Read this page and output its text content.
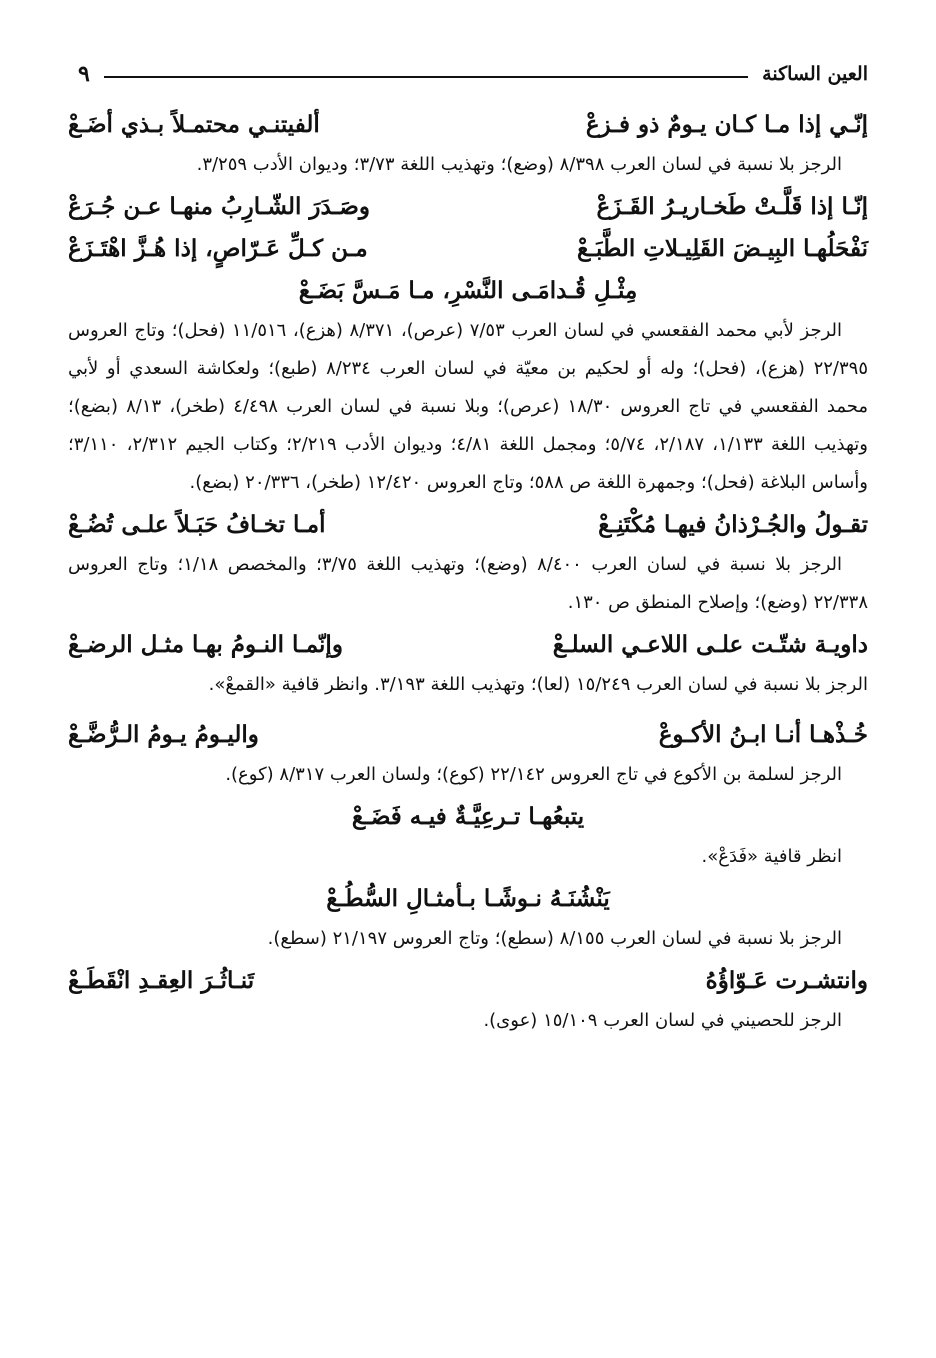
العين الساكنة
٩
إنّـي إذا مـا كـان يـومٌ ذو فـزعْ
ألفيتنـي محتمـلاً بـذي أضَـعْ
الرجز بلا نسبة في لسان العرب ٨/٣٩٨ (وضع)؛ وتهذيب اللغة ٣/٧٣؛ وديوان الأدب ٣/٢٥٩.
إنّـا إذا قَلَّـتْ طَخـاريـرُ القَـزَعْ
وصَـدَرَ الشّـارِبُ منهـا عـن جُـرَعْ
نَفْحَلُهـا البِيـضَ القَلِيـلاتِ الطَّبَـعْ
مـن كـلِّ عَـرّاصٍ، إذا هُـزَّ اهْتَـزَعْ
مِثْـلِ قُـدامَـى النَّسْرِ، مـا مَـسَّ بَضَـعْ
الرجز لأبي محمد الفقعسي في لسان العرب ٧/٥٣ (عرص)، ٨/٣٧١ (هزع)، ١١/٥١٦ (فحل)؛ وتاج العروس ٢٢/٣٩٥ (هزع)، (فحل)؛ وله أو لحكيم بن معيّة في لسان العرب ٨/٢٣٤ (طبع)؛ ولعكاشة السعدي أو لأبي محمد الفقعسي في تاج العروس ١٨/٣٠ (عرص)؛ وبلا نسبة في لسان العرب ٤/٤٩٨ (طخر)، ٨/١٣ (بضع)؛ وتهذيب اللغة ١/١٣٣، ٢/١٨٧، ٥/٧٤؛ ومجمل اللغة ٤/٨١؛ وديوان الأدب ٢/٢١٩؛ وكتاب الجيم ٢/٣١٢، ٣/١١٠؛ وأساس البلاغة (فحل)؛ وجمهرة اللغة ص ٥٨٨؛ وتاج العروس ١٢/٤٢٠ (طخر)، ٢٠/٣٣٦ (بضع).
تقـولُ والجُـرْذانُ فيهـا مُكْتَنِـعْ
أمـا تخـافُ حَبَـلاً علـى تُضُـعْ
الرجز بلا نسبة في لسان العرب ٨/٤٠٠ (وضع)؛ وتهذيب اللغة ٣/٧٥؛ والمخصص ١/١٨؛ وتاج العروس ٢٢/٣٣٨ (وضع)؛ وإصلاح المنطق ص ١٣٠.
داويـة شتّـت علـى اللاعـي السلـعْ
وإنّمـا النـومُ بهـا مثـل الرضـعْ
الرجز بلا نسبة في لسان العرب ١٥/٢٤٩ (لعا)؛ وتهذيب اللغة ٣/١٩٣. وانظر قافية «القمعْ».
خُـذْهـا أنـا ابـنُ الأكـوعْ
واليـومُ يـومُ الـرُّضَّـعْ
الرجز لسلمة بن الأكوع في تاج العروس ٢٢/١٤٢ (كوع)؛ ولسان العرب ٨/٣١٧ (كوع).
يتبعُهـا تـرعِيَّـةٌ فيـه فَضَـعْ
انظر قافية «فَدَعْ».
يَنْشُنَـهُ نـوشًـا بـأمثـالِ السُّطُـعْ
الرجز بلا نسبة في لسان العرب ٨/١٥٥ (سطع)؛ وتاج العروس ٢١/١٩٧ (سطع).
وانتشـرت عَـوّاؤُهُ
تَنـاثُـرَ العِقـدِ انْقَطَـعْ
الرجز للحصيني في لسان العرب ١٥/١٠٩ (عوى).
